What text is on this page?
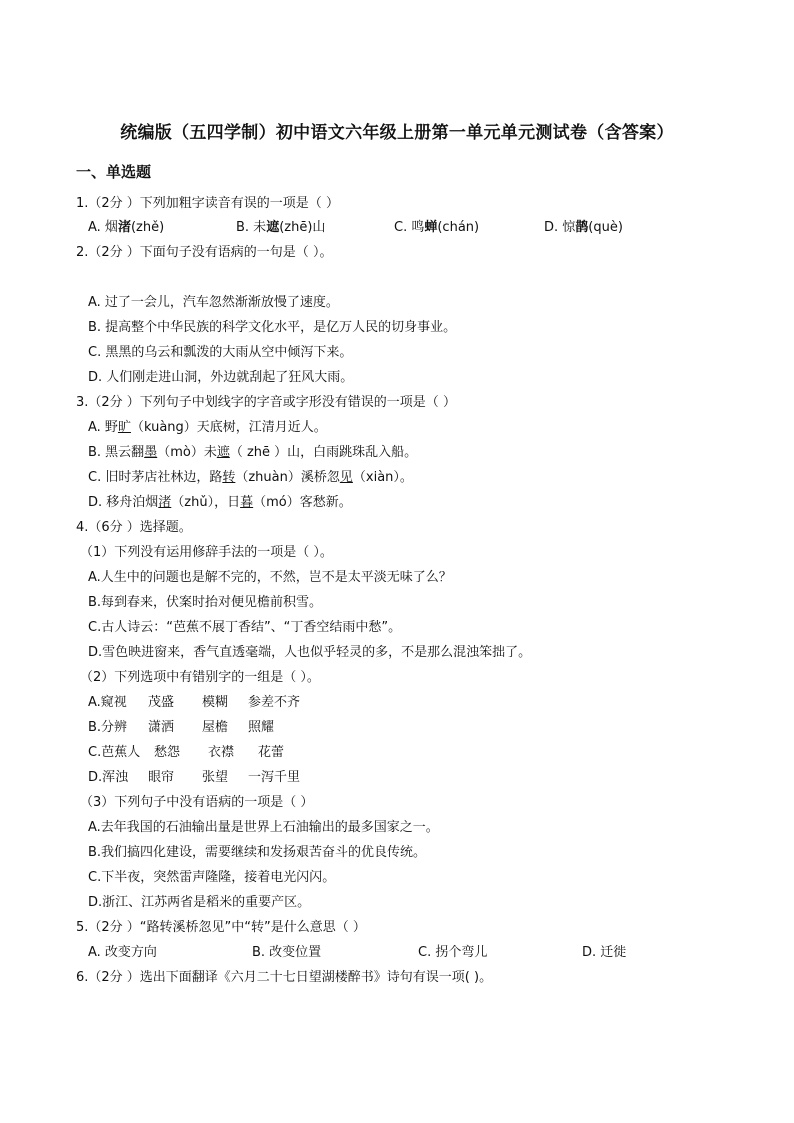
统编版（五四学制）初中语文六年级上册第一单元单元测试卷（含答案）
一、单选题
1.（2分 ）下列加粗字读音有误的一项是（ ）
A. 烟渚(zhě)	B. 未遮(zhē)山	C. 鸣蝉(chán)	D. 惊鹊(què)
2.（2分 ）下面句子没有语病的一句是（ ）。
A. 过了一会儿，汽车忽然渐渐放慢了速度。
B. 提高整个中华民族的科学文化水平，是亿万人民的切身事业。
C. 黑黑的乌云和瓢泼的大雨从空中倾泻下来。
D. 人们刚走进山洞，外边就刮起了狂风大雨。
3.（2分 ）下列句子中划线字的字音或字形没有错误的一项是（ ）
A. 野旷（kuàng）天底树，江清月近人。
B. 黑云翻墨（mò）未遮（ zhē ）山，白雨跳珠乱入船。
C. 旧时茅店社林边，路转（zhuàn）溪桥忽见（xiàn）。
D. 移舟泊烟渚（zhǔ），日暮（mó）客愁新。
4.（6分 ）选择题。
（1）下列没有运用修辞手法的一项是（ ）。
A.人生中的问题也是解不完的，不然，岂不是太平淡无味了么？
B.每到春来，伏案时抬对便见檐前积雪。
C.古人诗云：“芭蕉不展丁香结”、“丁香空结雨中愁”。
D.雪色映进窗来，香气直透毫端，人也似乎轻灵的多，不是那么混浊笨拙了。
（2）下列选项中有错别字的一组是（ ）。
A.窥视 茂盛 模糊 参差不齐
B.分辨 潇洒 屋檐 照耀
C.芭蕉人 愁怨 衣襟 花蕾
D.浑浊 眼帘 张望 一泻千里
（3）下列句子中没有语病的一项是（ ）
A.去年我国的石油输出量是世界上石油输出的最多国家之一。
B.我们搞四化建设，需要继续和发扬艰苦奋斗的优良传统。
C.下半夜，突然雷声隆隆，接着电光闪闪。
D.浙江、江苏两省是稻米的重要产区。
5.（2分 ）“路转溪桥忽见”中“转”是什么意思（ ）
A. 改变方向	B. 改变位置	C. 拐个弯儿	D. 迁徙
6.（2分 ）选出下面翻译《六月二十七日望湖楼醉书》诗句有误一项( )。
